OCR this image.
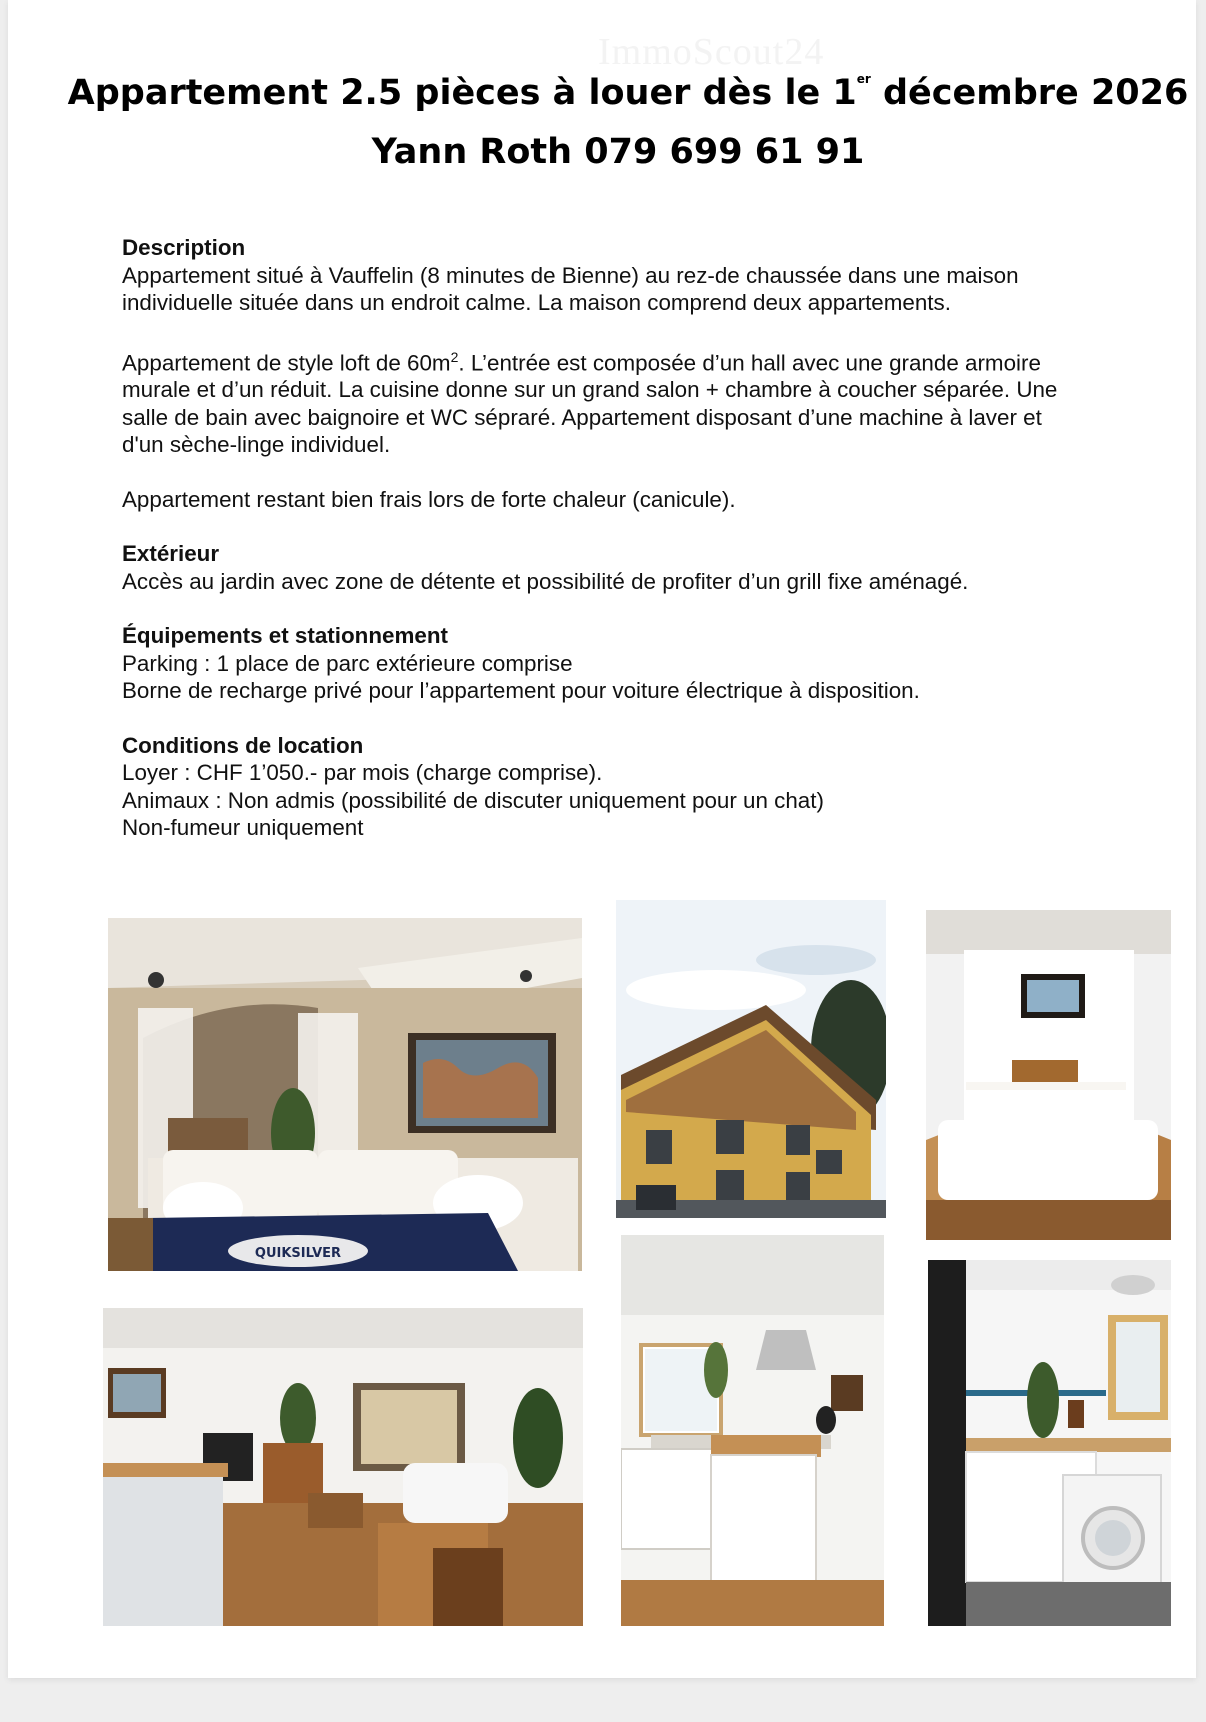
ImmoScout24
Appartement 2.5 pièces à louer dès le 1er décembre 2026
Yann Roth 079 699 61 91

Description

Appartement situé à Vauffelin (8 minutes de Bienne) au rez-de chaussée dans une maison individuelle située dans un endroit calme. La maison comprend deux appartements.

Appartement de style loft de $60m^2$. L’entrée est composée d’un hall avec une grande armoire murale et d’un réduit. La cuisine donne sur un grand salon + chambre à coucher séparée. Une salle de bain avec baignoire et WC sépraré. Appartement disposant d’une machine à laver et d'un sèche-linge individuel.

Appartement restant bien frais lors de forte chaleur (canicule).

Extérieur

Accès au jardin avec zone de détente et possibilité de profiter d’un grill fixe aménagé.

Équipements et stationnement

Parking : 1 place de parc extérieure comprise

Borne de recharge privé pour l’appartement pour voiture électrique à disposition.

Conditions de location

Loyer : CHF 1’050.- par mois (charge comprise).

Animaux : Non admis (possibilité de discuter uniquement pour un chat)

Non-fumeur uniquement

QUIKSILVER
